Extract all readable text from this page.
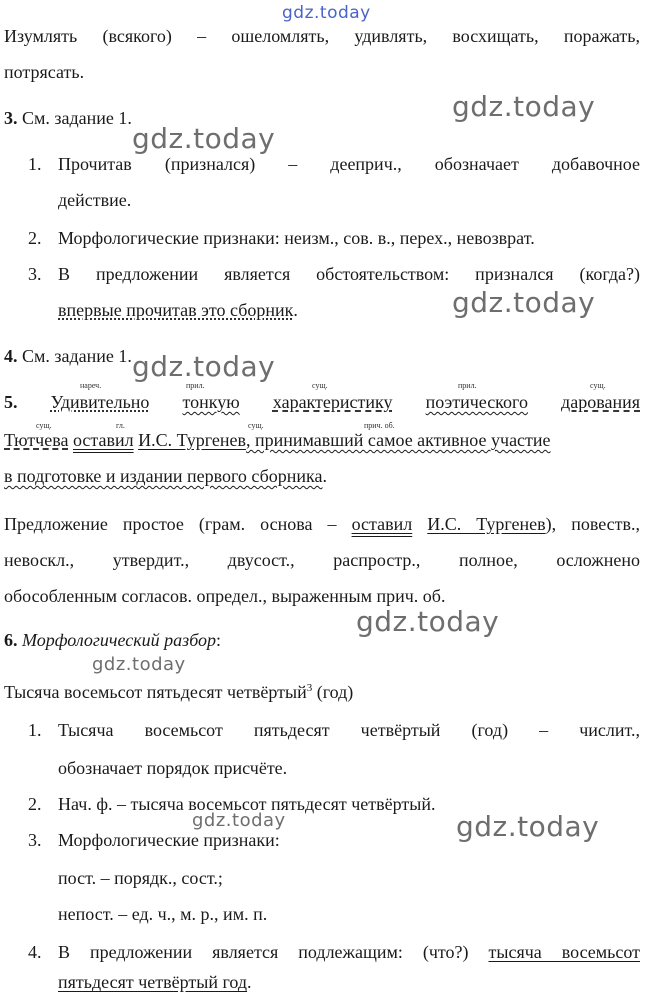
gdz.today
gdz.today
gdz.today
gdz.today
gdz.today
gdz.today
gdz.today
gdz.today	gdz.today
Изумлять (всякого) – ошеломлять, удивлять, восхищать, поражать,
потрясать.
3. См. задание 1.
1. Прочитав (признался) – дееприч., обозначает добавочное
действие.
2. Морфологические признаки: неизм., сов. в., перех., невозврат.
3. В предложении является обстоятельством: признался (когда?)
впервые прочитав это сборник.
4. См. задание 1.
нареч.	прил.	сущ.	прил.	сущ.
сущ.	гл.	сущ.	прич. об.
5. Удивительно тонкую характеристику поэтического дарования
Тютчева оставил И.С. Тургенев, принимавший самое активное участие
в подготовке и издании первого сборника.
Предложение простое (грам. основа – оставил И.С. Тургенев), повеств.,
невоскл., утвердит., двусост., распростр., полное, осложнено
обособленным согласов. определ., выраженным прич. об.
6. Морфологический разбор:
Тысяча восемьсот пятьдесят четвёртый$^3$ (год)
1. Тысяча восемьсот пятьдесят четвёртый (год) – числит.,
обозначает порядок присчёте.
2. Нач. ф. – тысяча восемьсот пятьдесят четвёртый.
3. Морфологические признаки:
пост. – порядк., сост.;
непост. – ед. ч., м. р., им. п.
4. В предложении является подлежащим: (что?) тысяча восемьсот
пятьдесят четвёртый год.
